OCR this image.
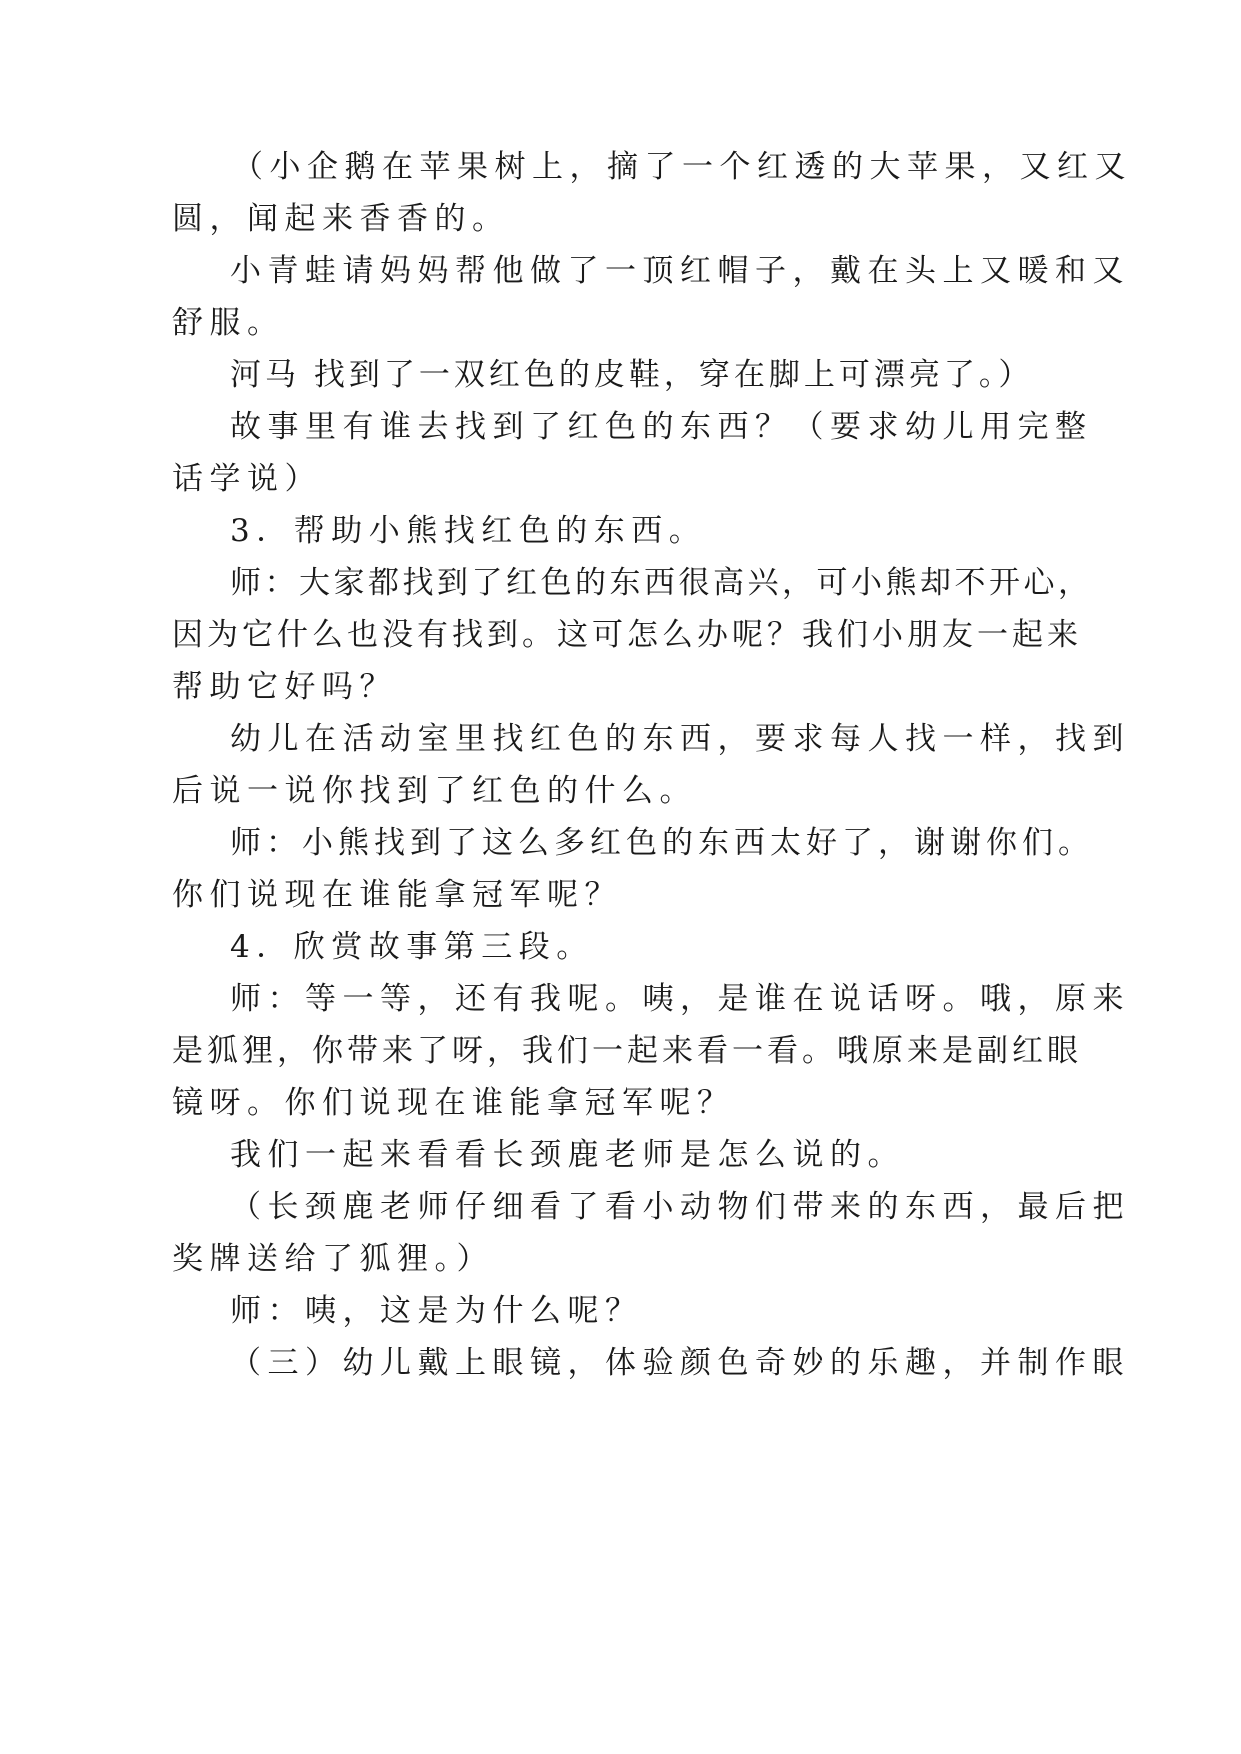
（小企鹅在苹果树上，摘了一个红透的大苹果，又红又
圆，闻起来香香的。
小青蛙请妈妈帮他做了一顶红帽子，戴在头上又暖和又
舒服。
河马 找到了一双红色的皮鞋，穿在脚上可漂亮了。）
故事里有谁去找到了红色的东西？（要求幼儿用完整
话学说）
3．帮助小熊找红色的东西。
师：大家都找到了红色的东西很高兴，可小熊却不开心，
因为它什么也没有找到。这可怎么办呢？我们小朋友一起来
帮助它好吗？
幼儿在活动室里找红色的东西，要求每人找一样，找到
后说一说你找到了红色的什么。
师：小熊找到了这么多红色的东西太好了，谢谢你们。
你们说现在谁能拿冠军呢？
4．欣赏故事第三段。
师：等一等，还有我呢。咦，是谁在说话呀。哦，原来
是狐狸，你带来了呀，我们一起来看一看。哦原来是副红眼
镜呀。你们说现在谁能拿冠军呢？
我们一起来看看长颈鹿老师是怎么说的。
（长颈鹿老师仔细看了看小动物们带来的东西，最后把
奖牌送给了狐狸。）
师：咦，这是为什么呢？
（三）幼儿戴上眼镜，体验颜色奇妙的乐趣，并制作眼
